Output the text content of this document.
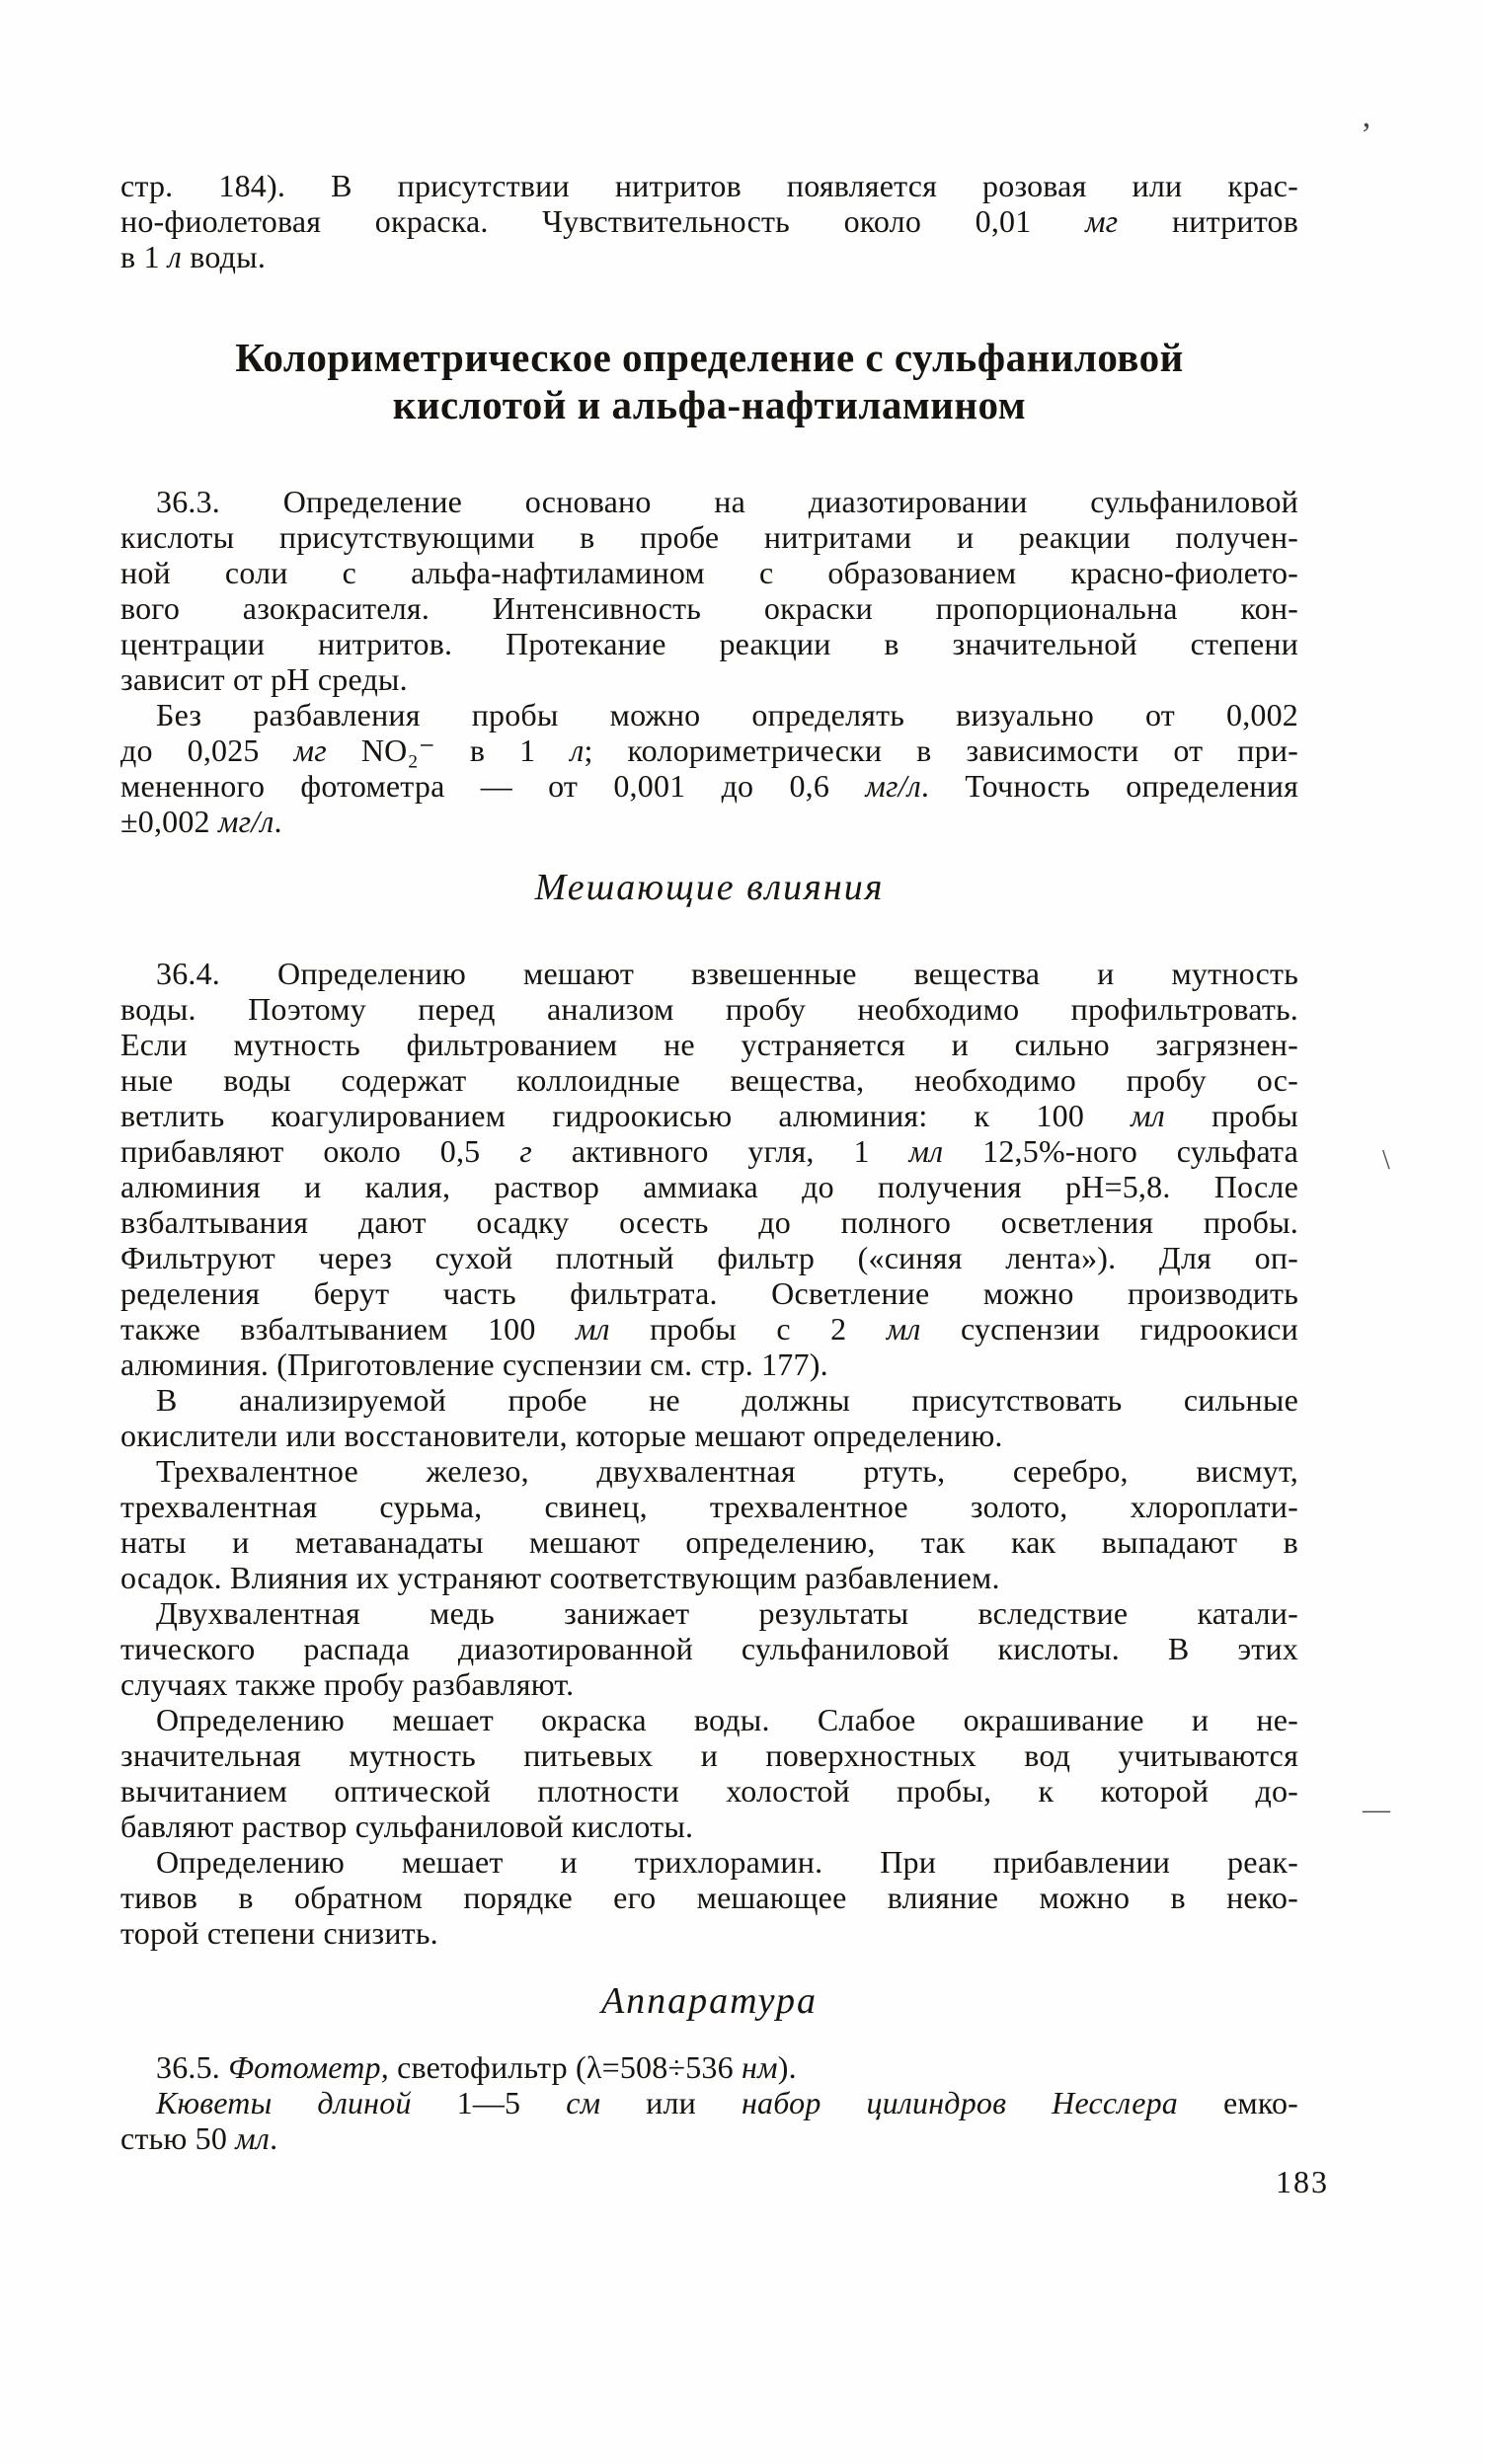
стр. 184). В присутствии нитритов появляется розовая или крас-
но-фиолетовая окраска. Чувствительность около 0,01 мг нитритов
в 1 л воды.
Колориметрическое определение с сульфаниловой
кислотой и альфа-нафтиламином
36.3. Определение основано на диазотировании сульфаниловой
кислоты присутствующими в пробе нитритами и реакции получен-
ной соли с альфа-нафтиламином с образованием красно-фиолето-
вого азокрасителя. Интенсивность окраски пропорциональна кон-
центрации нитритов. Протекание реакции в значительной степени
зависит от pH среды.
Без разбавления пробы можно определять визуально от 0,002
до 0,025 мг NO₂⁻ в 1 л; колориметрически в зависимости от при-
мененного фотометра — от 0,001 до 0,6 мг/л. Точность определения
±0,002 мг/л.
Мешающие влияния
36.4. Определению мешают взвешенные вещества и мутность
воды. Поэтому перед анализом пробу необходимо профильтровать.
Если мутность фильтрованием не устраняется и сильно загрязнен-
ные воды содержат коллоидные вещества, необходимо пробу ос-
ветлить коагулированием гидроокисью алюминия: к 100 мл пробы
прибавляют около 0,5 г активного угля, 1 мл 12,5%-ного сульфата
алюминия и калия, раствор аммиака до получения pH=5,8. После
взбалтывания дают осадку осесть до полного осветления пробы.
Фильтруют через сухой плотный фильтр («синяя лента»). Для оп-
ределения берут часть фильтрата. Осветление можно производить
также взбалтыванием 100 мл пробы с 2 мл суспензии гидроокиси
алюминия. (Приготовление суспензии см. стр. 177).
В анализируемой пробе не должны присутствовать сильные
окислители или восстановители, которые мешают определению.
Трехвалентное железо, двухвалентная ртуть, серебро, висмут,
трехвалентная сурьма, свинец, трехвалентное золото, хлороплати-
наты и метаванадаты мешают определению, так как выпадают в
осадок. Влияния их устраняют соответствующим разбавлением.
Двухвалентная медь занижает результаты вследствие катали-
тического распада диазотированной сульфаниловой кислоты. В этих
случаях также пробу разбавляют.
Определению мешает окраска воды. Слабое окрашивание и не-
значительная мутность питьевых и поверхностных вод учитываются
вычитанием оптической плотности холостой пробы, к которой до-
бавляют раствор сульфаниловой кислоты.
Определению мешает и трихлорамин. При прибавлении реак-
тивов в обратном порядке его мешающее влияние можно в неко-
торой степени снизить.
Аппаратура
36.5. Фотометр, светофильтр (λ=508÷536 нм).
Кюветы длиной 1—5 см или набор цилиндров Несслера емко-
стью 50 мл.
183
’
\
—
